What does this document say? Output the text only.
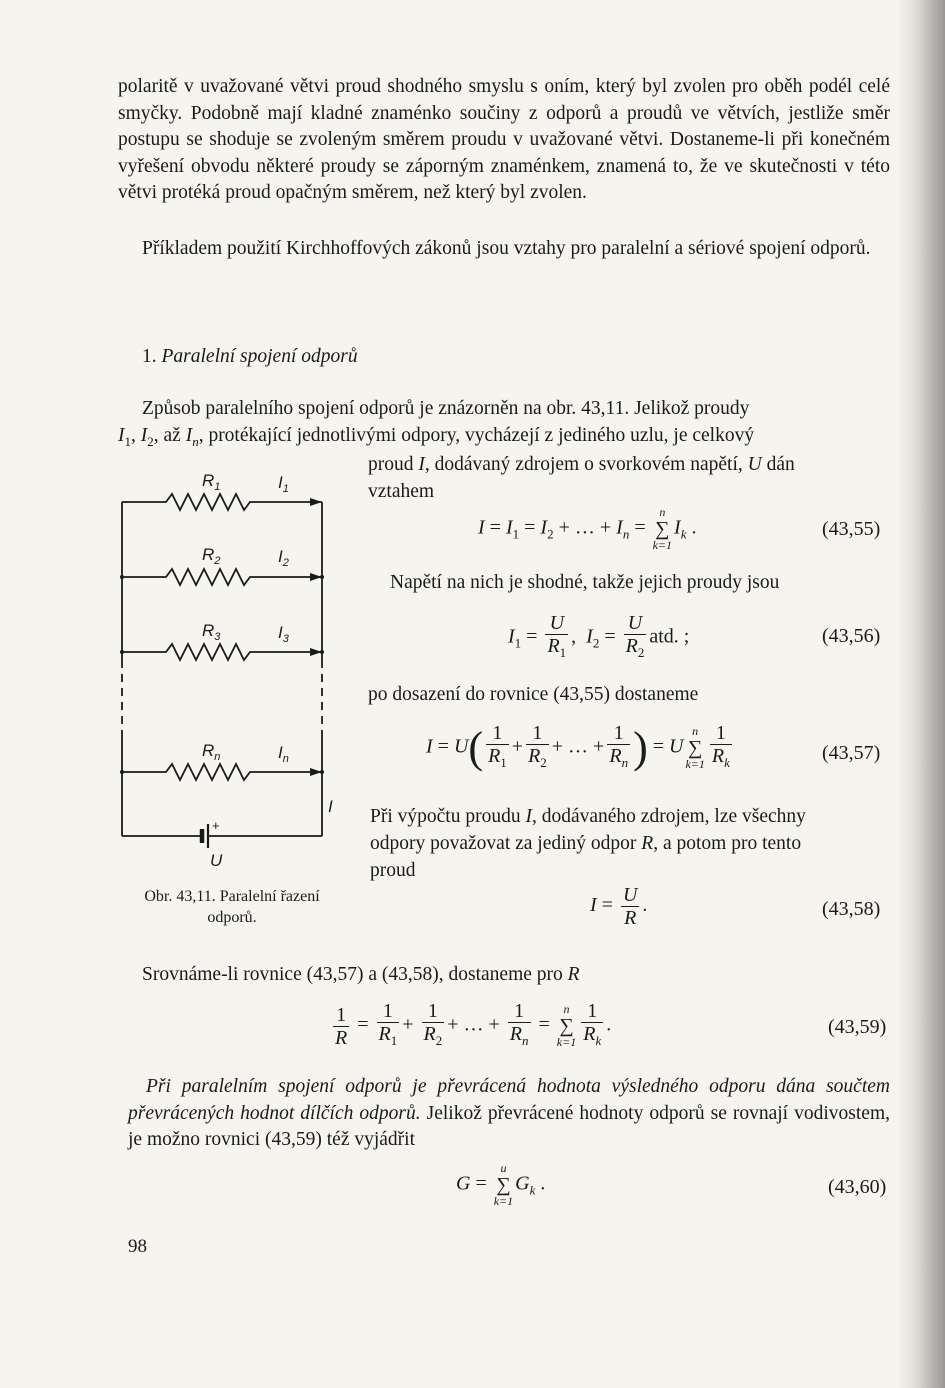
polaritě v uvažované větvi proud shodného smyslu s oním, který byl zvolen pro oběh podél celé smyčky. Podobně mají kladné znaménko součiny z odporů a proudů ve větvích, jestliže směr postupu se shoduje se zvoleným směrem proudu v uvažované větvi. Dostaneme-li při konečném vyřešení obvodu některé proudy se záporným znaménkem, znamená to, že ve skutečnosti v této větvi protéká proud opačným směrem, než který byl zvolen.
Příkladem použití Kirchhoffových zákonů jsou vztahy pro paralelní a sériové spojení odporů.
1. Paralelní spojení odporů
Způsob paralelního spojení odporů je znázorněn na obr. 43,11. Jelikož proudy
$I_1$, $I_2$, až $I_n$, protékající jednotlivými odpory, vycházejí z jediného uzlu, je celkový
proud I, dodávaný zdrojem o svorkovém napětí, U dán
vztahem
$I = I_1 = I_2$ + … + $I_n$ =
n
∑
k=1
$I_k$ .	(43,55)
Napětí na nich je shodné, takže jejich proudy jsou
$I_1 = \frac{U}{R_1}$ ,  $I_2 = \frac{U}{R_2}$ atd. ;	(43,56)
po dosazení do rovnice (43,55) dostaneme
$I = U( \frac{1}{R_1} + \frac{1}{R_2}$ + … + $\frac{1}{R_n}$ ) = U
n
∑
$k=1 \frac{1}{R_k}$	(43,57)
Při výpočtu proudu I, dodávaného zdrojem, lze všechny
odpory považovat za jediný odpor R, a potom pro tento
proud
$I = \frac{U}{R}$ .	(43,58)
Srovnáme-li rovnice (43,57) a (43,58), dostaneme pro R
$\frac{1}{R} = \frac{1}{R_1} + \frac{1}{R_2}$ + … + $\frac{1}{R_n}$ =
n
∑
$k=1 \frac{1}{R_k}$ .	(43,59)
Při paralelním spojení odporů je převrácená hodnota výsledného odporu dána součtem převrácených hodnot dílčích odporů. Jelikož převrácené hodnoty odporů se rovnají vodivostem, je možno rovnici (43,59) též vyjádřit
G =
u
∑
k=1
$G_k$ .	(43,60)
98
$R_1$	$I_1$
$R_2$	$I_2$
$R_3$	$I_3$
$R_n$	$I_n$
I
U
+
Obr. 43,11. Paralelní řazení
odporů.
